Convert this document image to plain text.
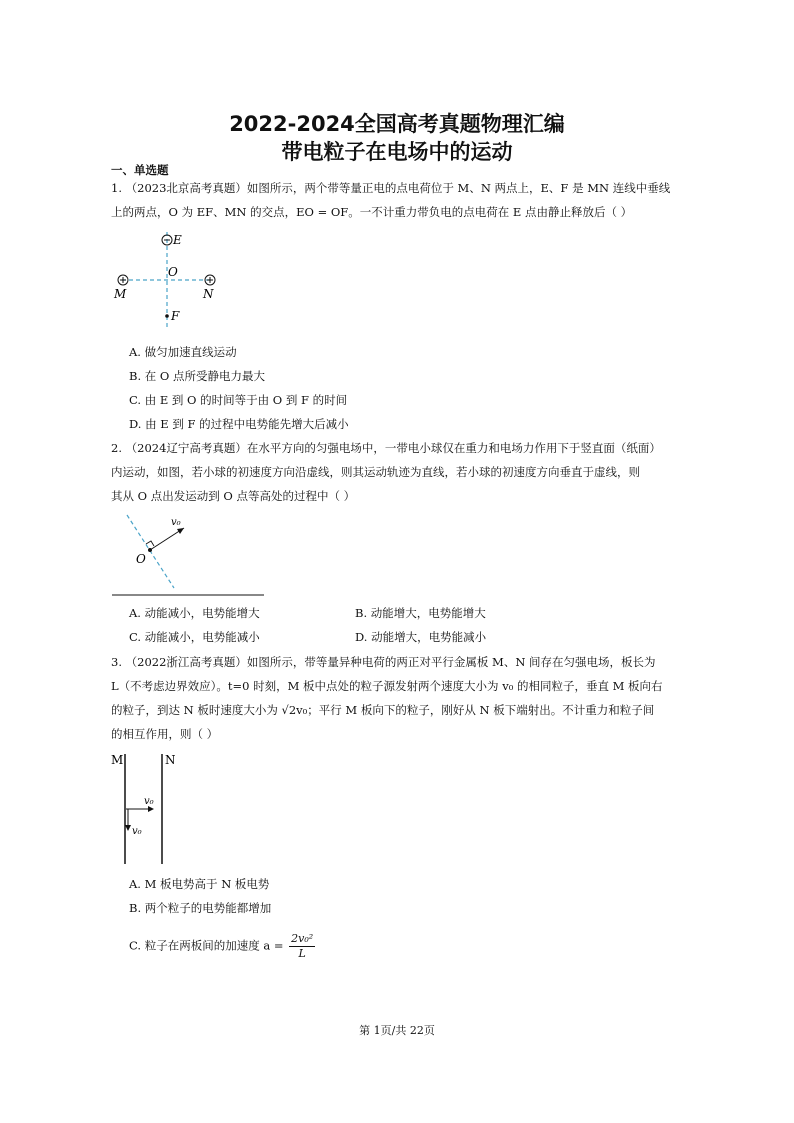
2022-2024全国高考真题物理汇编
带电粒子在电场中的运动
一、单选题
1. （2023北京高考真题）如图所示，两个带等量正电的点电荷位于 M、N 两点上，E、F 是 MN 连线中垂线
上的两点，O 为 EF、MN 的交点，EO = OF。一不计重力带负电的点电荷在 E 点由静止释放后（ ）
E
O
M	N
F
A. 做匀加速直线运动
B. 在 O 点所受静电力最大
C. 由 E 到 O 的时间等于由 O 到 F 的时间
D. 由 E 到 F 的过程中电势能先增大后减小
2. （2024辽宁高考真题）在水平方向的匀强电场中，一带电小球仅在重力和电场力作用下于竖直面（纸面）
内运动，如图，若小球的初速度方向沿虚线，则其运动轨迹为直线，若小球的初速度方向垂直于虚线，则
其从 O 点出发运动到 O 点等高处的过程中（ ）
O
v₀
A. 动能减小，电势能增大	B. 动能增大，电势能增大
C. 动能减小，电势能减小	D. 动能增大，电势能减小
3. （2022浙江高考真题）如图所示，带等量异种电荷的两正对平行金属板 M、N 间存在匀强电场，板长为
L（不考虑边界效应）。t=0 时刻，M 板中点处的粒子源发射两个速度大小为 v₀ 的相同粒子，垂直 M 板向右
的粒子，到达 N 板时速度大小为 √2v₀；平行 M 板向下的粒子，刚好从 N 板下端射出。不计重力和粒子间
的相互作用，则（ ）
M	N
v₀
v₀
A. M 板电势高于 N 板电势
B. 两个粒子的电势能都增加
C. 粒子在两板间的加速度 $a = \frac{\text{2v₀²}}{L}$
第 1页/共 22页
